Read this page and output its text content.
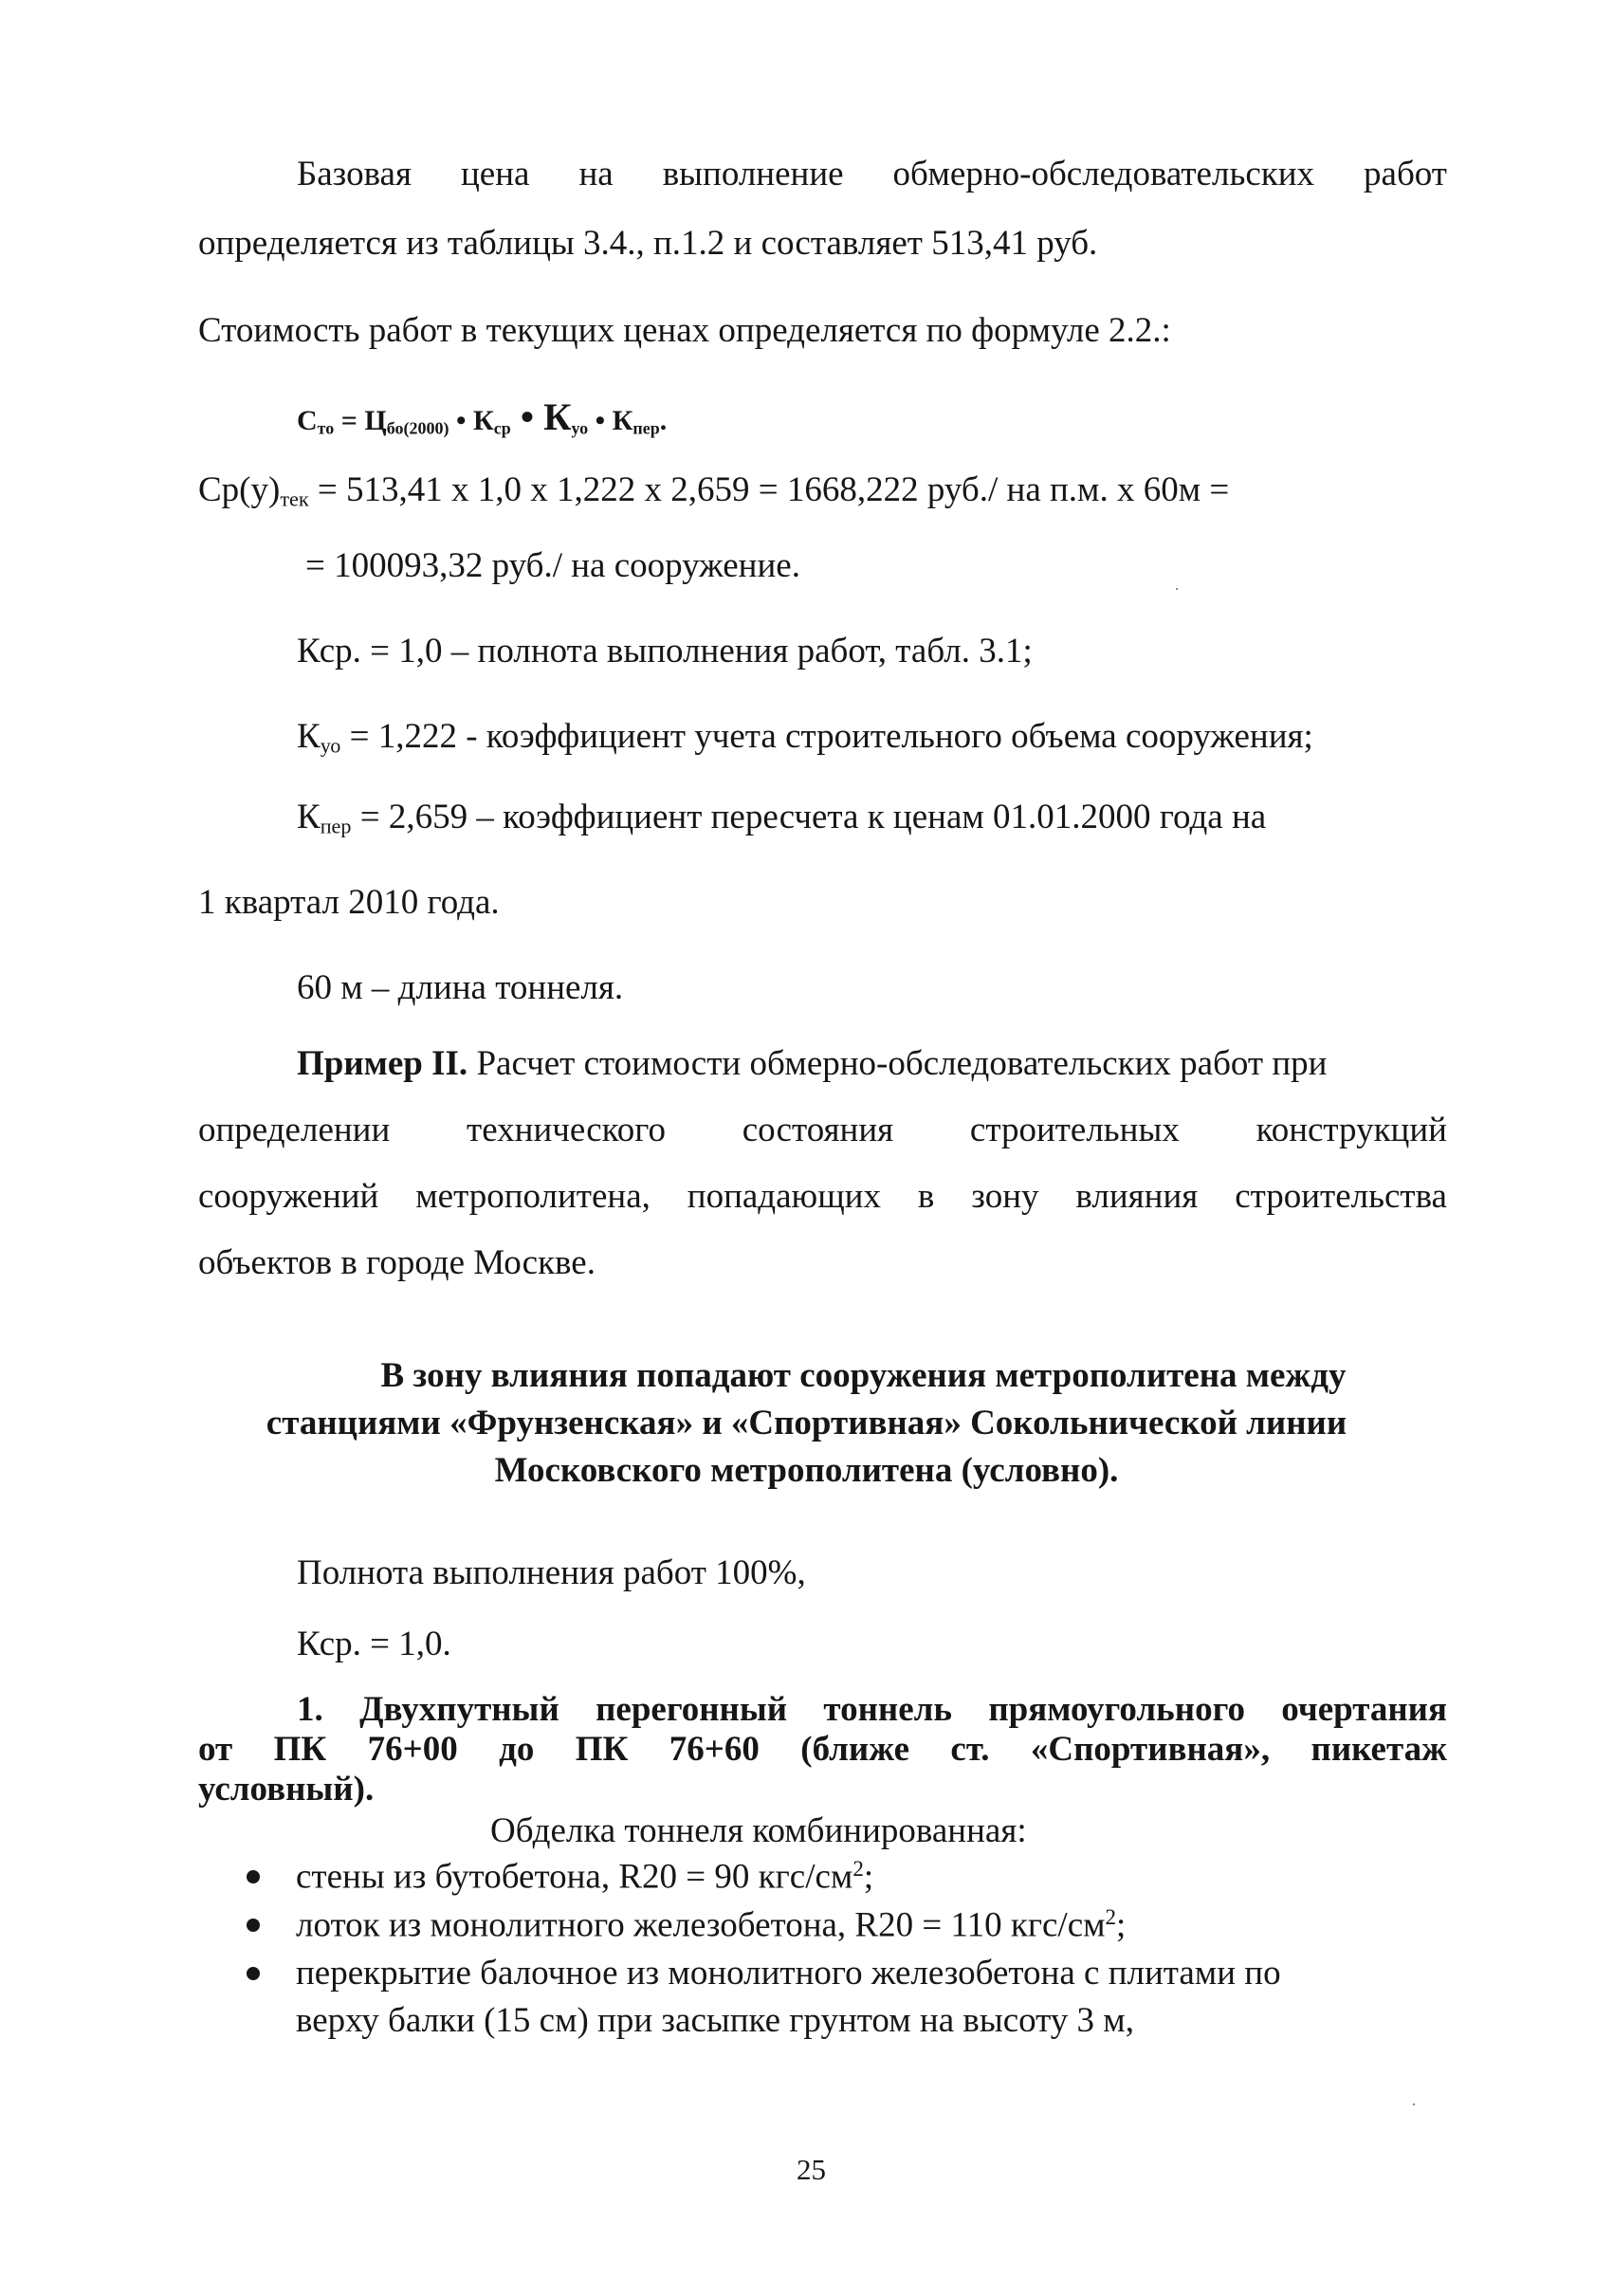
Базовая цена на выполнение обмерно-обследовательских работ
определяется из таблицы 3.4., п.1.2 и составляет 513,41 руб.
Стоимость работ в текущих ценах определяется по формуле 2.2.:
$С_{то} = Ц_{бо(2000)}$ • $К_{ср}$ • $К_{уо}$ • $К_{пер}$.
$Ср(у)_{тек} = 513,41$ х 1,0 х 1,222 х 2,659 = 1668,222 руб./ на п.м. х 60м =
= 100093,32 руб./ на сооружение.
Кср. = 1,0 – полнота выполнения работ, табл. 3.1;
$К_{уо} = 1,222$ - коэффициент учета строительного объема сооружения;
$К_{пер} = 2,659$ – коэффициент пересчета к ценам 01.01.2000 года на
1 квартал 2010 года.
60 м – длина тоннеля.
Пример II. Расчет стоимости обмерно-обследовательских работ при
определении технического состояния строительных конструкций
сооружений метрополитена, попадающих в зону влияния строительства
объектов в городе Москве.
В зону влияния попадают сооружения метрополитена между
станциями «Фрунзенская» и «Спортивная» Сокольнической линии
Московского метрополитена (условно).
Полнота выполнения работ 100%,
Кср. = 1,0.
1. Двухпутный перегонный тоннель прямоугольного очертания
от ПК 76+00 до ПК 76+60 (ближе ст. «Спортивная», пикетаж
условный).
Обделка тоннеля комбинированная:
стены из бутобетона, R20 = 90 кгс/$см^2$;
лоток из монолитного железобетона, R20 = 110 кгс/$см^2$;
перекрытие балочное из монолитного железобетона с плитами по
верху балки (15 см) при засыпке грунтом на высоту 3 м,
25
